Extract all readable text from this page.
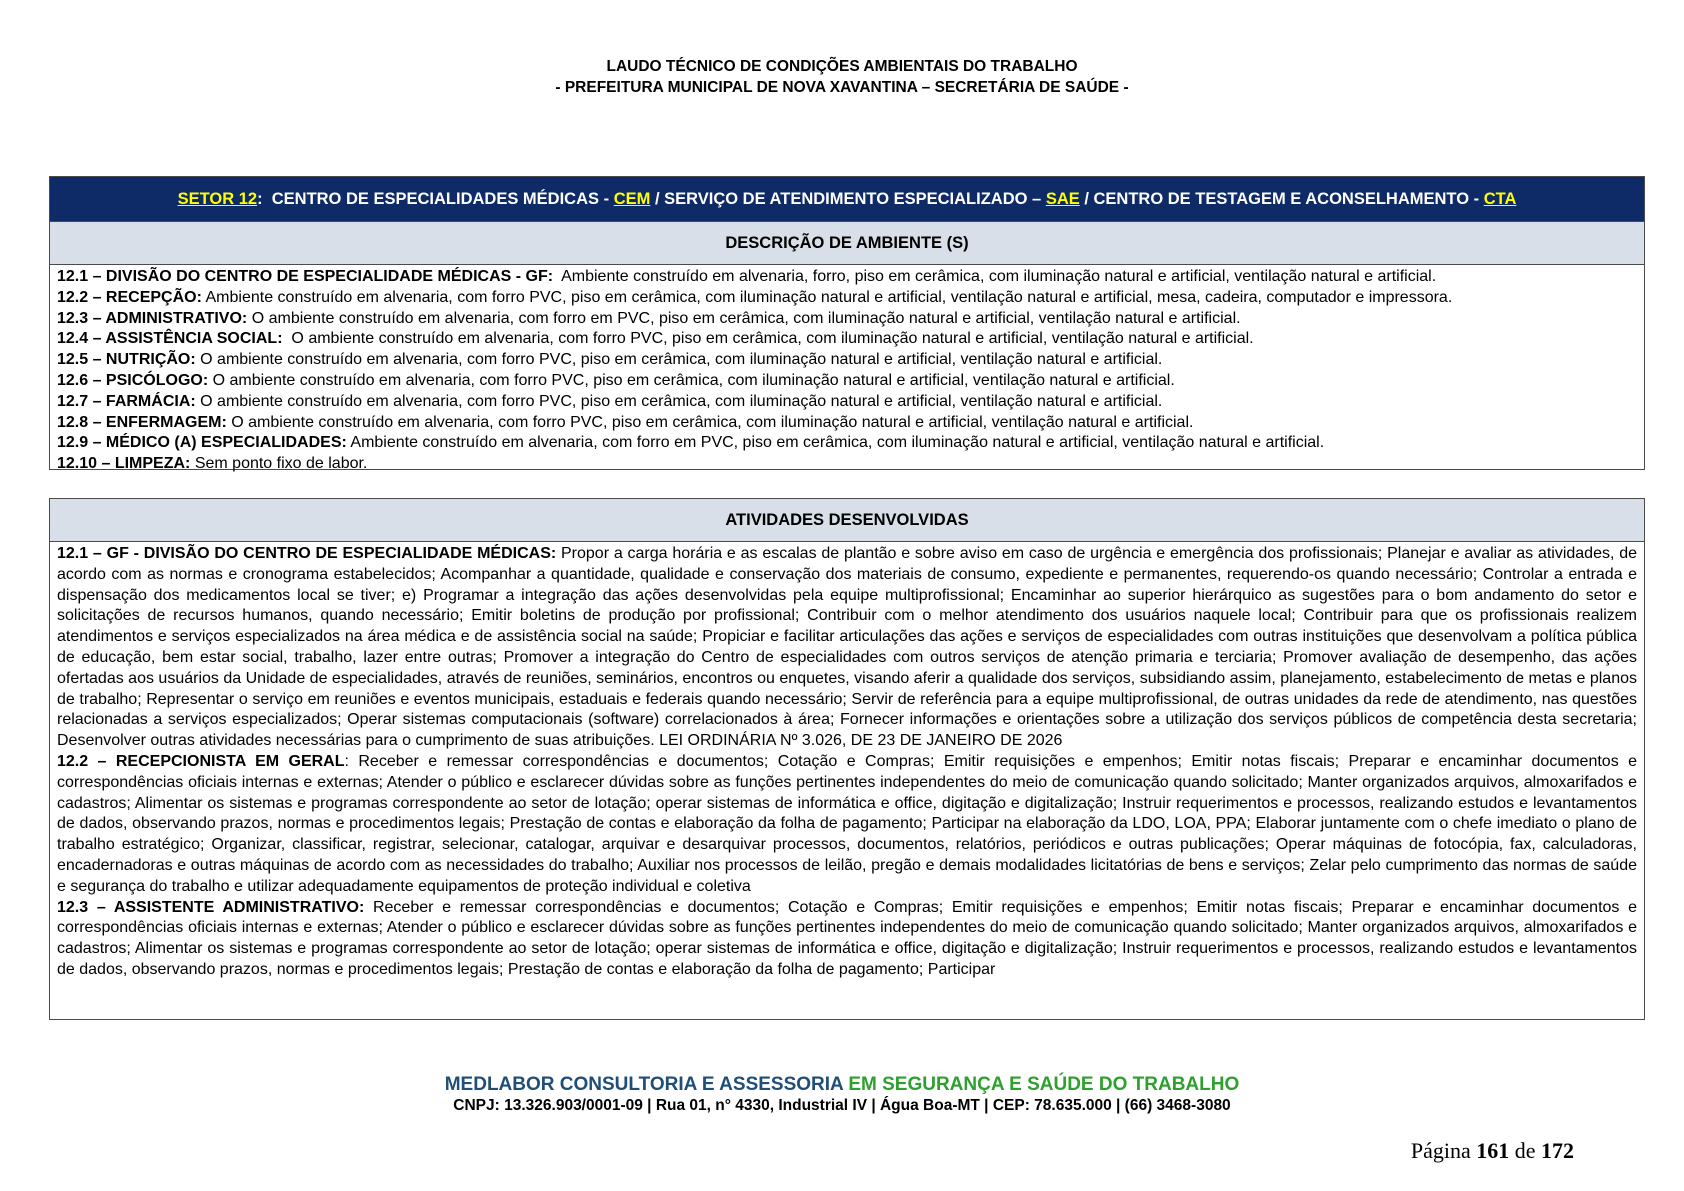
LAUDO TÉCNICO DE CONDIÇÕES AMBIENTAIS DO TRABALHO
- PREFEITURA MUNICIPAL DE NOVA XAVANTINA – SECRETÁRIA DE SAÚDE -
SETOR 12:  CENTRO DE ESPECIALIDADES MÉDICAS - CEM / SERVIÇO DE ATENDIMENTO ESPECIALIZADO – SAE / CENTRO DE TESTAGEM E ACONSELHAMENTO - CTA
DESCRIÇÃO DE AMBIENTE (S)
12.1 – DIVISÃO DO CENTRO DE ESPECIALIDADE MÉDICAS - GF:  Ambiente construído em alvenaria, forro, piso em cerâmica, com iluminação natural e artificial, ventilação natural e artificial.
12.2 – RECEPÇÃO: Ambiente construído em alvenaria, com forro PVC, piso em cerâmica, com iluminação natural e artificial, ventilação natural e artificial, mesa, cadeira, computador e impressora.
12.3 – ADMINISTRATIVO: O ambiente construído em alvenaria, com forro em PVC, piso em cerâmica, com iluminação natural e artificial, ventilação natural e artificial.
12.4 – ASSISTÊNCIA SOCIAL:  O ambiente construído em alvenaria, com forro PVC, piso em cerâmica, com iluminação natural e artificial, ventilação natural e artificial.
12.5 – NUTRIÇÃO: O ambiente construído em alvenaria, com forro PVC, piso em cerâmica, com iluminação natural e artificial, ventilação natural e artificial.
12.6 – PSICÓLOGO: O ambiente construído em alvenaria, com forro PVC, piso em cerâmica, com iluminação natural e artificial, ventilação natural e artificial.
12.7 – FARMÁCIA: O ambiente construído em alvenaria, com forro PVC, piso em cerâmica, com iluminação natural e artificial, ventilação natural e artificial.
12.8 – ENFERMAGEM: O ambiente construído em alvenaria, com forro PVC, piso em cerâmica, com iluminação natural e artificial, ventilação natural e artificial.
12.9 – MÉDICO (A) ESPECIALIDADES: Ambiente construído em alvenaria, com forro em PVC, piso em cerâmica, com iluminação natural e artificial, ventilação natural e artificial.
12.10 – LIMPEZA: Sem ponto fixo de labor.
ATIVIDADES DESENVOLVIDAS

12.1 – GF - DIVISÃO DO CENTRO DE ESPECIALIDADE MÉDICAS: Propor a carga horária e as escalas de plantão e sobre aviso em caso de urgência e emergência dos profissionais; Planejar e avaliar as atividades, de acordo com as normas e cronograma estabelecidos; Acompanhar a quantidade, qualidade e conservação dos materiais de consumo, expediente e permanentes, requerendo-os quando necessário; Controlar a entrada e dispensação dos medicamentos local se tiver; e) Programar a integração das ações desenvolvidas pela equipe multiprofissional; Encaminhar ao superior hierárquico as sugestões para o bom andamento do setor e solicitações de recursos humanos, quando necessário; Emitir boletins de produção por profissional; Contribuir com o melhor atendimento dos usuários naquele local; Contribuir para que os profissionais realizem atendimentos e serviços especializados na área médica e de assistência social na saúde; Propiciar e facilitar articulações das ações e serviços de especialidades com outras instituições que desenvolvam a política pública de educação, bem estar social, trabalho, lazer entre outras; Promover a integração do Centro de especialidades com outros serviços de atenção primaria e terciaria; Promover avaliação de desempenho, das ações ofertadas aos usuários da Unidade de especialidades, através de reuniões, seminários, encontros ou enquetes, visando aferir a qualidade dos serviços, subsidiando assim, planejamento, estabelecimento de metas e planos de trabalho; Representar o serviço em reuniões e eventos municipais, estaduais e federais quando necessário; Servir de referência para a equipe multiprofissional, de outras unidades da rede de atendimento, nas questões relacionadas a serviços especializados; Operar sistemas computacionais (software) correlacionados à área; Fornecer informações e orientações sobre a utilização dos serviços públicos de competência desta secretaria; Desenvolver outras atividades necessárias para o cumprimento de suas atribuições. LEI ORDINÁRIA Nº 3.026, DE 23 DE JANEIRO DE 2026

12.2 – RECEPCIONISTA EM GERAL: Receber e remessar correspondências e documentos; Cotação e Compras; Emitir requisições e empenhos; Emitir notas fiscais; Preparar e encaminhar documentos e correspondências oficiais internas e externas; Atender o público e esclarecer dúvidas sobre as funções pertinentes independentes do meio de comunicação quando solicitado; Manter organizados arquivos, almoxarifados e cadastros; Alimentar os sistemas e programas correspondente ao setor de lotação; operar sistemas de informática e office, digitação e digitalização; Instruir requerimentos e processos, realizando estudos e levantamentos de dados, observando prazos, normas e procedimentos legais; Prestação de contas e elaboração da folha de pagamento; Participar na elaboração da LDO, LOA, PPA; Elaborar juntamente com o chefe imediato o plano de trabalho estratégico; Organizar, classificar, registrar, selecionar, catalogar, arquivar e desarquivar processos, documentos, relatórios, periódicos e outras publicações; Operar máquinas de fotocópia, fax, calculadoras, encadernadoras e outras máquinas de acordo com as necessidades do trabalho; Auxiliar nos processos de leilão, pregão e demais modalidades licitatórias de bens e serviços; Zelar pelo cumprimento das normas de saúde e segurança do trabalho e utilizar adequadamente equipamentos de proteção individual e coletiva

12.3 – ASSISTENTE ADMINISTRATIVO: Receber e remessar correspondências e documentos; Cotação e Compras; Emitir requisições e empenhos; Emitir notas fiscais; Preparar e encaminhar documentos e correspondências oficiais internas e externas; Atender o público e esclarecer dúvidas sobre as funções pertinentes independentes do meio de comunicação quando solicitado; Manter organizados arquivos, almoxarifados e cadastros; Alimentar os sistemas e programas correspondente ao setor de lotação; operar sistemas de informática e office, digitação e digitalização; Instruir requerimentos e processos, realizando estudos e levantamentos de dados, observando prazos, normas e procedimentos legais; Prestação de contas e elaboração da folha de pagamento; Participar

MEDLABOR CONSULTORIA E ASSESSORIA EM SEGURANÇA E SAÚDE DO TRABALHO
CNPJ: 13.326.903/0001-09 | Rua 01, n° 4330, Industrial IV | Água Boa-MT | CEP: 78.635.000 | (66) 3468-3080
Página 161 de 172
